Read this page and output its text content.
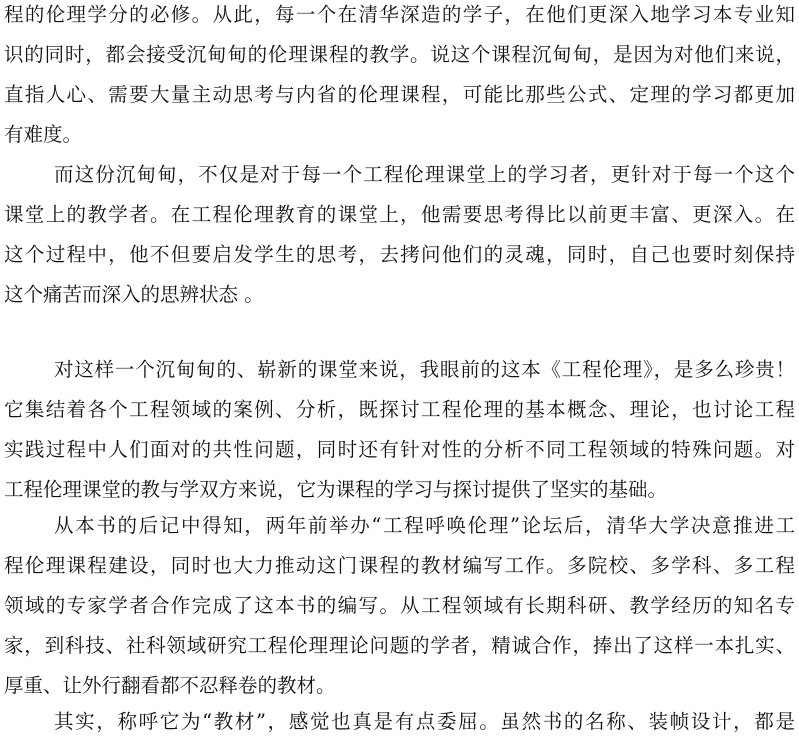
程的伦理学分的必修。从此，每一个在清华深造的学子，在他们更深入地学习本专业知
识的同时，都会接受沉甸甸的伦理课程的教学。说这个课程沉甸甸，是因为对他们来说，
直指人心、需要大量主动思考与内省的伦理课程，可能比那些公式、定理的学习都更加
有难度。
而这份沉甸甸，不仅是对于每一个工程伦理课堂上的学习者，更针对于每一个这个
课堂上的教学者。在工程伦理教育的课堂上，他需要思考得比以前更丰富、更深入。在
这个过程中，他不但要启发学生的思考，去拷问他们的灵魂，同时，自己也要时刻保持
这个痛苦而深入的思辨状态 。
对这样一个沉甸甸的、崭新的课堂来说，我眼前的这本《工程伦理》，是多么珍贵！
它集结着各个工程领域的案例、分析，既探讨工程伦理的基本概念、理论，也讨论工程
实践过程中人们面对的共性问题，同时还有针对性的分析不同工程领域的特殊问题。对
工程伦理课堂的教与学双方来说，它为课程的学习与探讨提供了坚实的基础。
从本书的后记中得知，两年前举办“工程呼唤伦理”论坛后，清华大学决意推进工
程伦理课程建设，同时也大力推动这门课程的教材编写工作。多院校、多学科、多工程
领域的专家学者合作完成了这本书的编写。从工程领域有长期科研、教学经历的知名专
家，到科技、社科领域研究工程伦理理论问题的学者，精诚合作，捧出了这样一本扎实、
厚重、让外行翻看都不忍释卷的教材。
其实，称呼它为“教材”，感觉也真是有点委屈。虽然书的名称、装帧设计，都是
